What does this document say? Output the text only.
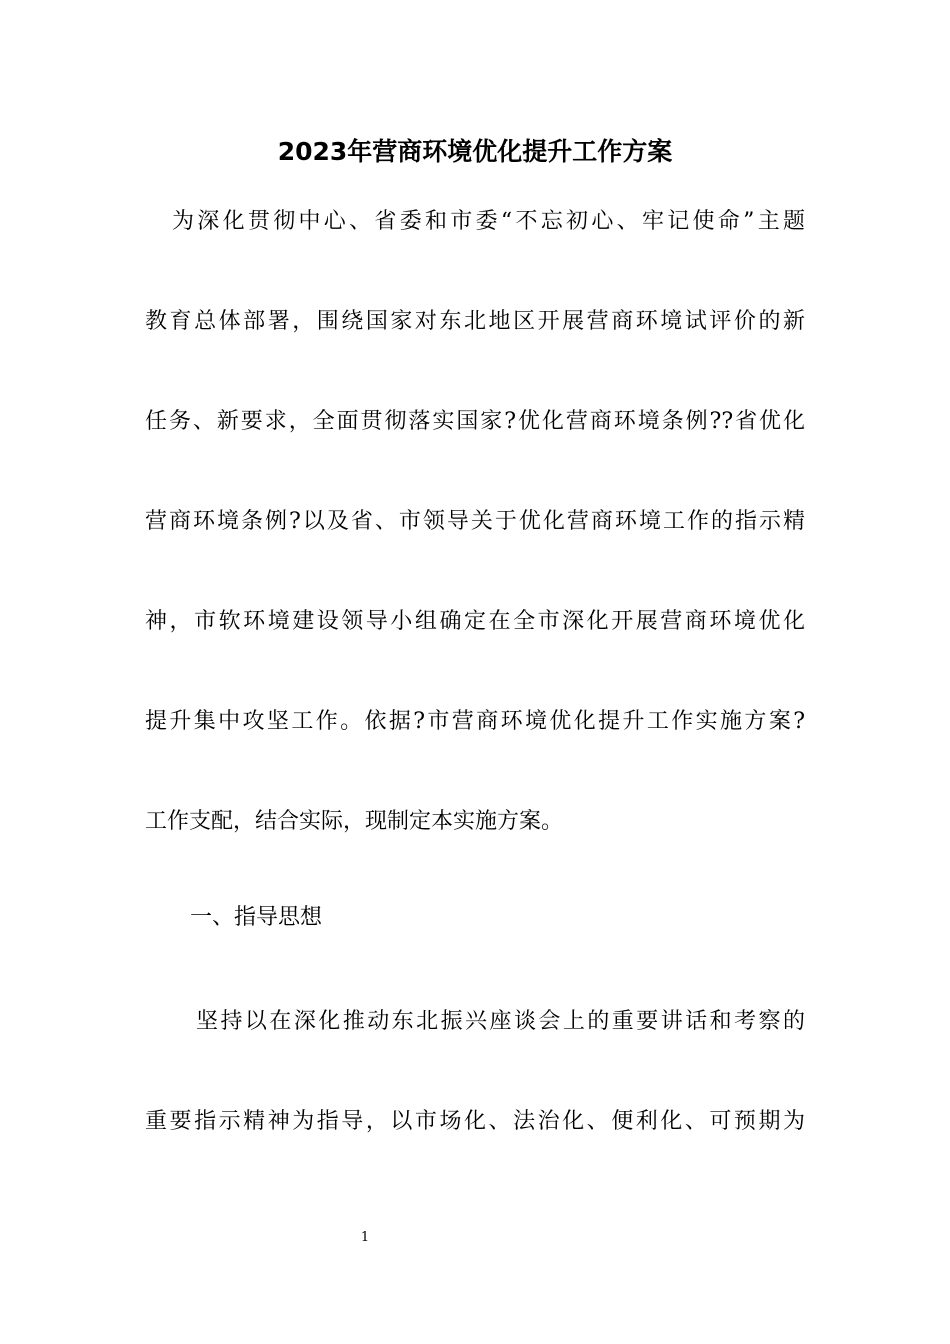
2023年营商环境优化提升工作方案

为深化贯彻中心、省委和市委“不忘初心、牢记使命”主题

教育总体部署，围绕国家对东北地区开展营商环境试评价的新

任务、新要求，全面贯彻落实国家?优化营商环境条例??省优化

营商环境条例?以及省、市领导关于优化营商环境工作的指示精

神，市软环境建设领导小组确定在全市深化开展营商环境优化

提升集中攻坚工作。依据?市营商环境优化提升工作实施方案?

工作支配，结合实际，现制定本实施方案。

一、指导思想

坚持以在深化推动东北振兴座谈会上的重要讲话和考察的

重要指示精神为指导，以市场化、法治化、便利化、可预期为

1
